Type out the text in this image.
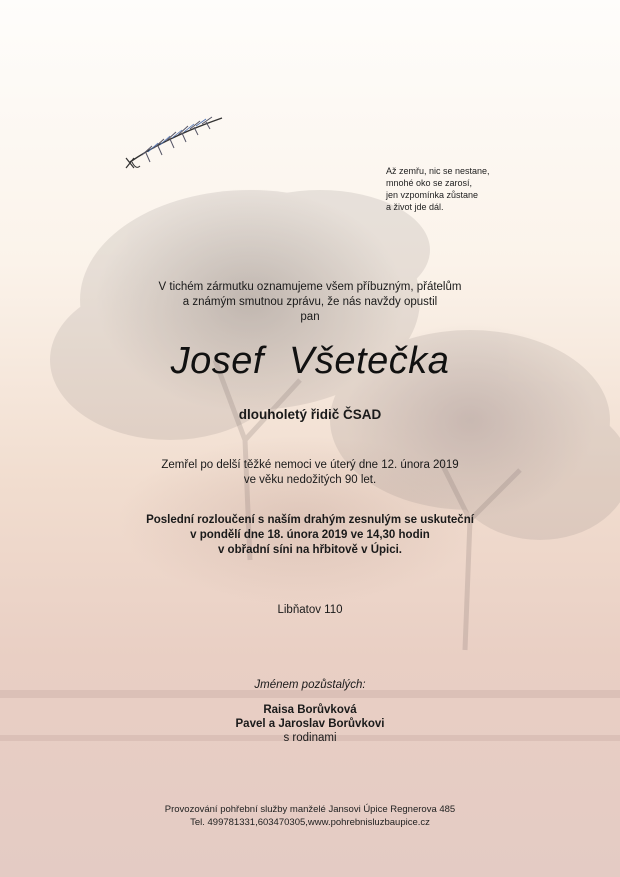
Až zemřu, nic se nestane,
mnohé oko se zarosí,
jen vzpomínka zůstane
a život jde dál.
V tichém zármutku oznamujeme všem příbuzným, přátelům
a známým smutnou zprávu, že nás navždy opustil
pan
Josef Všetečka
dlouholetý řidič ČSAD
Zemřel po delší těžké nemoci ve úterý dne 12. února 2019
ve věku nedožitých 90 let.
Poslední rozloučení s naším drahým zesnulým se uskuteční
v pondělí dne 18. února 2019 ve 14,30 hodin
v obřadní síni na hřbitově v Úpici.
Libňatov 110
Jménem pozůstalých:
Raisa Borůvková
Pavel a Jaroslav Borůvkovi
s rodinami
Provozování pohřební služby manželé Jansovi Úpice Regnerova 485
Tel. 499781331,603470305,www.pohrebnisluzbaupice.cz
